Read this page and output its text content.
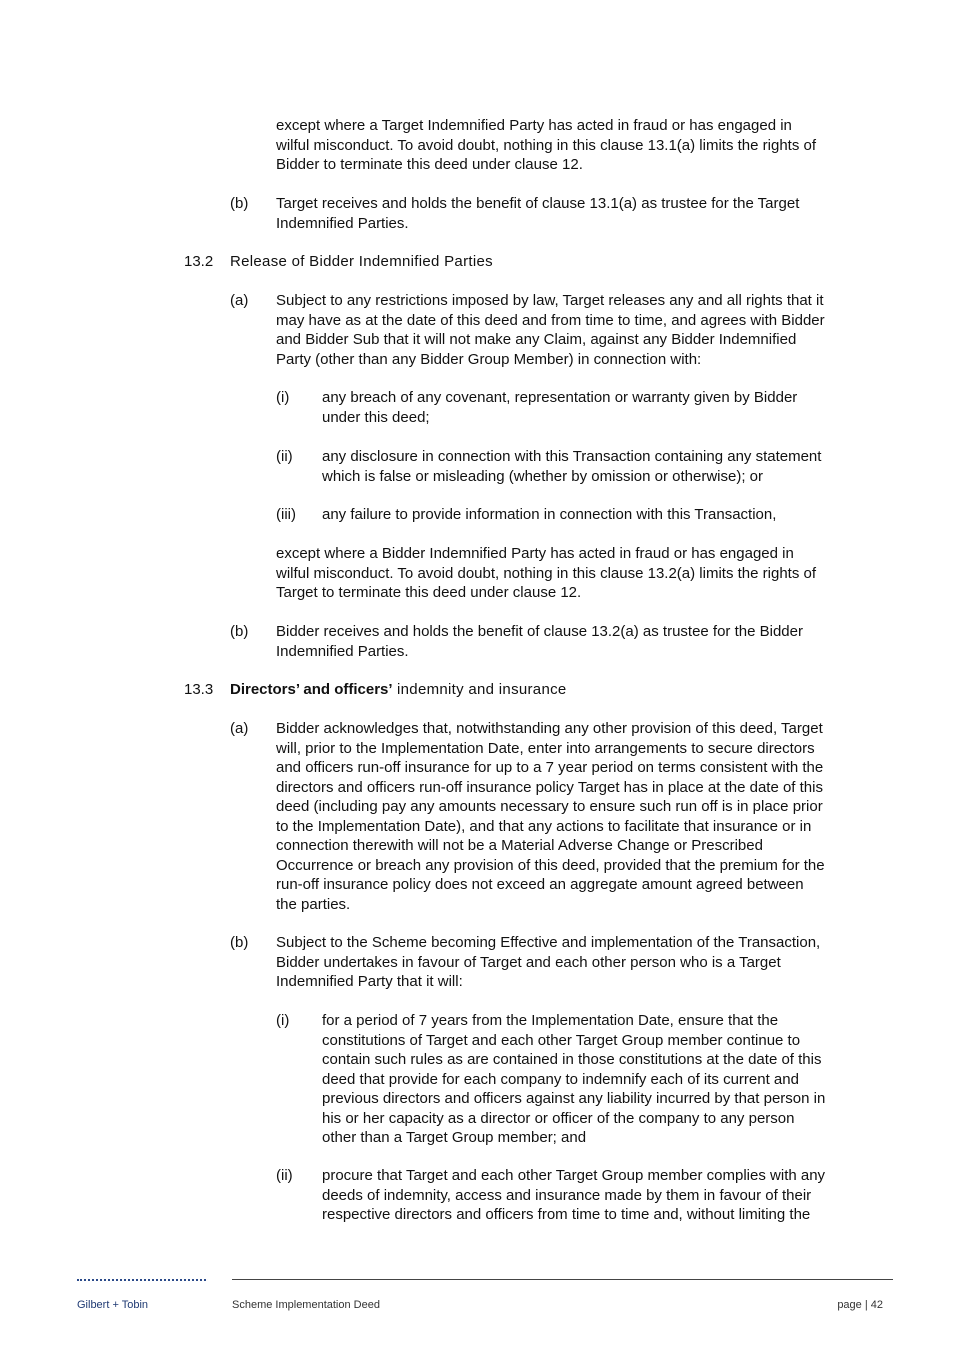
except where a Target Indemnified Party has acted in fraud or has engaged in
wilful misconduct. To avoid doubt, nothing in this clause 13.1(a) limits the rights of
Bidder to terminate this deed under clause 12.
(b) Target receives and holds the benefit of clause 13.1(a) as trustee for the Target
Indemnified Parties.
13.2 Release of Bidder Indemnified Parties
(a) Subject to any restrictions imposed by law, Target releases any and all rights that it
may have as at the date of this deed and from time to time, and agrees with Bidder
and Bidder Sub that it will not make any Claim, against any Bidder Indemnified
Party (other than any Bidder Group Member) in connection with:
(i) any breach of any covenant, representation or warranty given by Bidder
under this deed;
(ii) any disclosure in connection with this Transaction containing any statement
which is false or misleading (whether by omission or otherwise); or
(iii) any failure to provide information in connection with this Transaction,
except where a Bidder Indemnified Party has acted in fraud or has engaged in
wilful misconduct. To avoid doubt, nothing in this clause 13.2(a) limits the rights of
Target to terminate this deed under clause 12.
(b) Bidder receives and holds the benefit of clause 13.2(a) as trustee for the Bidder
Indemnified Parties.
13.3 Directors’ and officers’ indemnity and insurance
(a) Bidder acknowledges that, notwithstanding any other provision of this deed, Target
will, prior to the Implementation Date, enter into arrangements to secure directors
and officers run-off insurance for up to a 7 year period on terms consistent with the
directors and officers run-off insurance policy Target has in place at the date of this
deed (including pay any amounts necessary to ensure such run off is in place prior
to the Implementation Date), and that any actions to facilitate that insurance or in
connection therewith will not be a Material Adverse Change or Prescribed
Occurrence or breach any provision of this deed, provided that the premium for the
run-off insurance policy does not exceed an aggregate amount agreed between
the parties.
(b) Subject to the Scheme becoming Effective and implementation of the Transaction,
Bidder undertakes in favour of Target and each other person who is a Target
Indemnified Party that it will:
(i) for a period of 7 years from the Implementation Date, ensure that the
constitutions of Target and each other Target Group member continue to
contain such rules as are contained in those constitutions at the date of this
deed that provide for each company to indemnify each of its current and
previous directors and officers against any liability incurred by that person in
his or her capacity as a director or officer of the company to any person
other than a Target Group member; and
(ii) procure that Target and each other Target Group member complies with any
deeds of indemnity, access and insurance made by them in favour of their
respective directors and officers from time to time and, without limiting the
Gilbert + Tobin	Scheme Implementation Deed	page | 42
